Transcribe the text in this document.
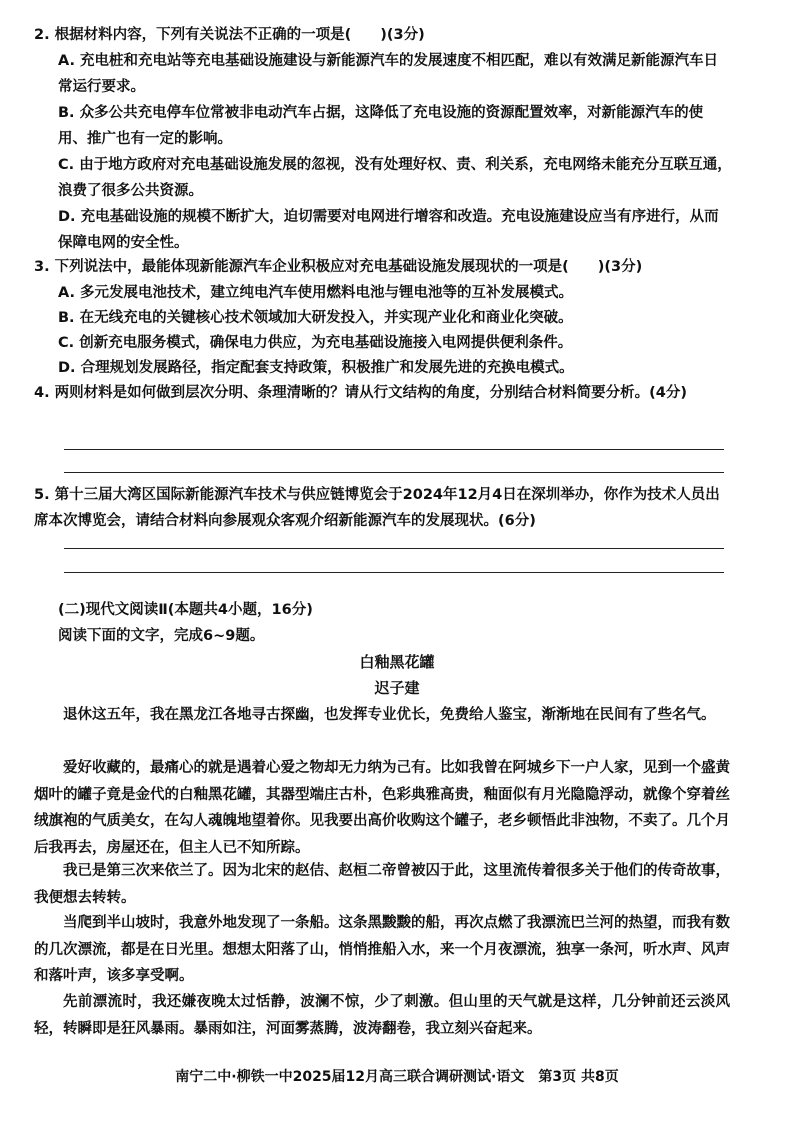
2. 根据材料内容，下列有关说法不正确的一项是(　　)(3分)
A. 充电桩和充电站等充电基础设施建设与新能源汽车的发展速度不相匹配，难以有效满足新能源汽车日常运行要求。
B. 众多公共充电停车位常被非电动汽车占据，这降低了充电设施的资源配置效率，对新能源汽车的使用、推广也有一定的影响。
C. 由于地方政府对充电基础设施发展的忽视，没有处理好权、责、利关系，充电网络未能充分互联互通，浪费了很多公共资源。
D. 充电基础设施的规模不断扩大，迫切需要对电网进行增容和改造。充电设施建设应当有序进行，从而保障电网的安全性。
3. 下列说法中，最能体现新能源汽车企业积极应对充电基础设施发展现状的一项是(　　)(3分)
A. 多元发展电池技术，建立纯电汽车使用燃料电池与锂电池等的互补发展模式。
B. 在无线充电的关键核心技术领域加大研发投入，并实现产业化和商业化突破。
C. 创新充电服务模式，确保电力供应，为充电基础设施接入电网提供便利条件。
D. 合理规划发展路径，指定配套支持政策，积极推广和发展先进的充换电模式。
4. 两则材料是如何做到层次分明、条理清晰的？请从行文结构的角度，分别结合材料简要分析。(4分)
5. 第十三届大湾区国际新能源汽车技术与供应链博览会于2024年12月4日在深圳举办，你作为技术人员出席本次博览会，请结合材料向参展观众客观介绍新能源汽车的发展现状。(6分)
(二)现代文阅读Ⅱ(本题共4小题，16分)
阅读下面的文字，完成6~9题。
白釉黑花罐
迟子建
退休这五年，我在黑龙江各地寻古探幽，也发挥专业优长，免费给人鉴宝，渐渐地在民间有了些名气。
爱好收藏的，最痛心的就是遇着心爱之物却无力纳为己有。比如我曾在阿城乡下一户人家，见到一个盛黄烟叶的罐子竟是金代的白釉黑花罐，其器型端庄古朴，色彩典雅高贵，釉面似有月光隐隐浮动，就像个穿着丝绒旗袍的气质美女，在勾人魂魄地望着你。见我要出高价收购这个罐子，老乡顿悟此非浊物，不卖了。几个月后我再去，房屋还在，但主人已不知所踪。
我已是第三次来依兰了。因为北宋的赵佶、赵桓二帝曾被囚于此，这里流传着很多关于他们的传奇故事，我便想去转转。
当爬到半山坡时，我意外地发现了一条船。这条黑黢黢的船，再次点燃了我漂流巴兰河的热望，而我有数的几次漂流，都是在日光里。想想太阳落了山，悄悄推船入水，来一个月夜漂流，独享一条河，听水声、风声和落叶声，该多享受啊。
先前漂流时，我还嫌夜晚太过恬静，波澜不惊，少了刺激。但山里的天气就是这样，几分钟前还云淡风轻，转瞬即是狂风暴雨。暴雨如注，河面雾蒸腾，波涛翻卷，我立刻兴奋起来。
南宁二中·柳铁一中2025届12月高三联合调研测试·语文　第3页 共8页
